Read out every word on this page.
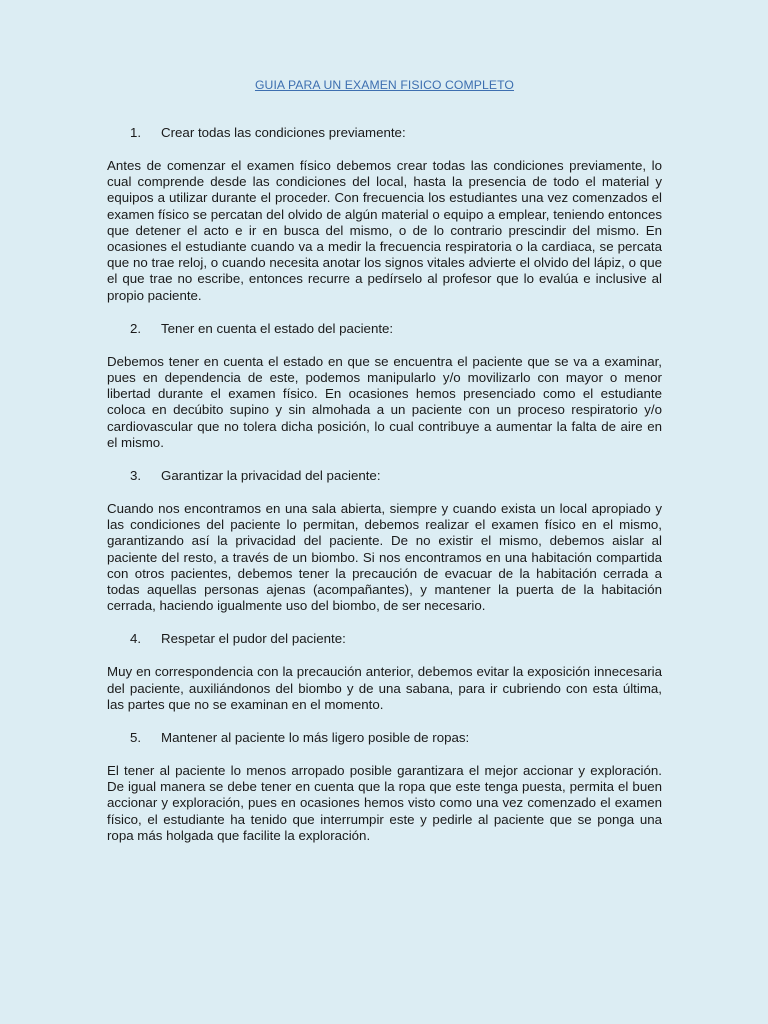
GUIA PARA UN EXAMEN FISICO COMPLETO
1.	Crear todas las condiciones previamente:

Antes de comenzar el examen físico debemos crear todas las condiciones previamente, lo cual comprende desde las condiciones del local, hasta la presencia de todo el material y equipos a utilizar durante el proceder. Con frecuencia los estudiantes una vez comenzados el examen físico se percatan del olvido de algún material o equipo a emplear, teniendo entonces que detener el acto e ir en busca del mismo, o de lo contrario prescindir del mismo. En ocasiones el estudiante cuando va a medir la frecuencia respiratoria o la cardiaca, se percata que no trae reloj, o cuando necesita anotar los signos vitales advierte el olvido del lápiz, o que el que trae no escribe, entonces recurre a pedírselo al profesor que lo evalúa e inclusive al propio paciente.

2.	Tener en cuenta el estado del paciente:

Debemos tener en cuenta el estado en que se encuentra el paciente que se va a examinar, pues en dependencia de este, podemos manipularlo y/o movilizarlo con mayor o menor libertad durante el examen físico. En ocasiones hemos presenciado como el estudiante coloca en decúbito supino y sin almohada a un paciente con un proceso respiratorio y/o cardiovascular que no tolera dicha posición, lo cual contribuye a aumentar la falta de aire en el mismo.

3.	Garantizar la privacidad del paciente:

Cuando nos encontramos en una sala abierta, siempre y cuando exista un local apropiado y las condiciones del paciente lo permitan, debemos realizar el examen físico en el mismo, garantizando así la privacidad del paciente. De no existir el mismo, debemos aislar al paciente del resto, a través de un biombo. Si nos encontramos en una habitación compartida con otros pacientes, debemos tener la precaución de evacuar de la habitación cerrada a todas aquellas personas ajenas (acompañantes), y mantener la puerta de la habitación cerrada, haciendo igualmente uso del biombo, de ser necesario.

4.	Respetar el pudor del paciente:

Muy en correspondencia con la precaución anterior, debemos evitar la exposición innecesaria del paciente, auxiliándonos del biombo y de una sabana, para ir cubriendo con esta última, las partes que no se examinan en el momento.

5.	Mantener al paciente lo más ligero posible de ropas:

El tener al paciente lo menos arropado posible garantizara el mejor accionar y exploración. De igual manera se debe tener en cuenta que la ropa que este tenga puesta, permita el buen accionar y exploración, pues en ocasiones hemos visto como una vez comenzado el examen físico, el estudiante ha tenido que interrumpir este y pedirle al paciente que se ponga una ropa más holgada que facilite la exploración.
